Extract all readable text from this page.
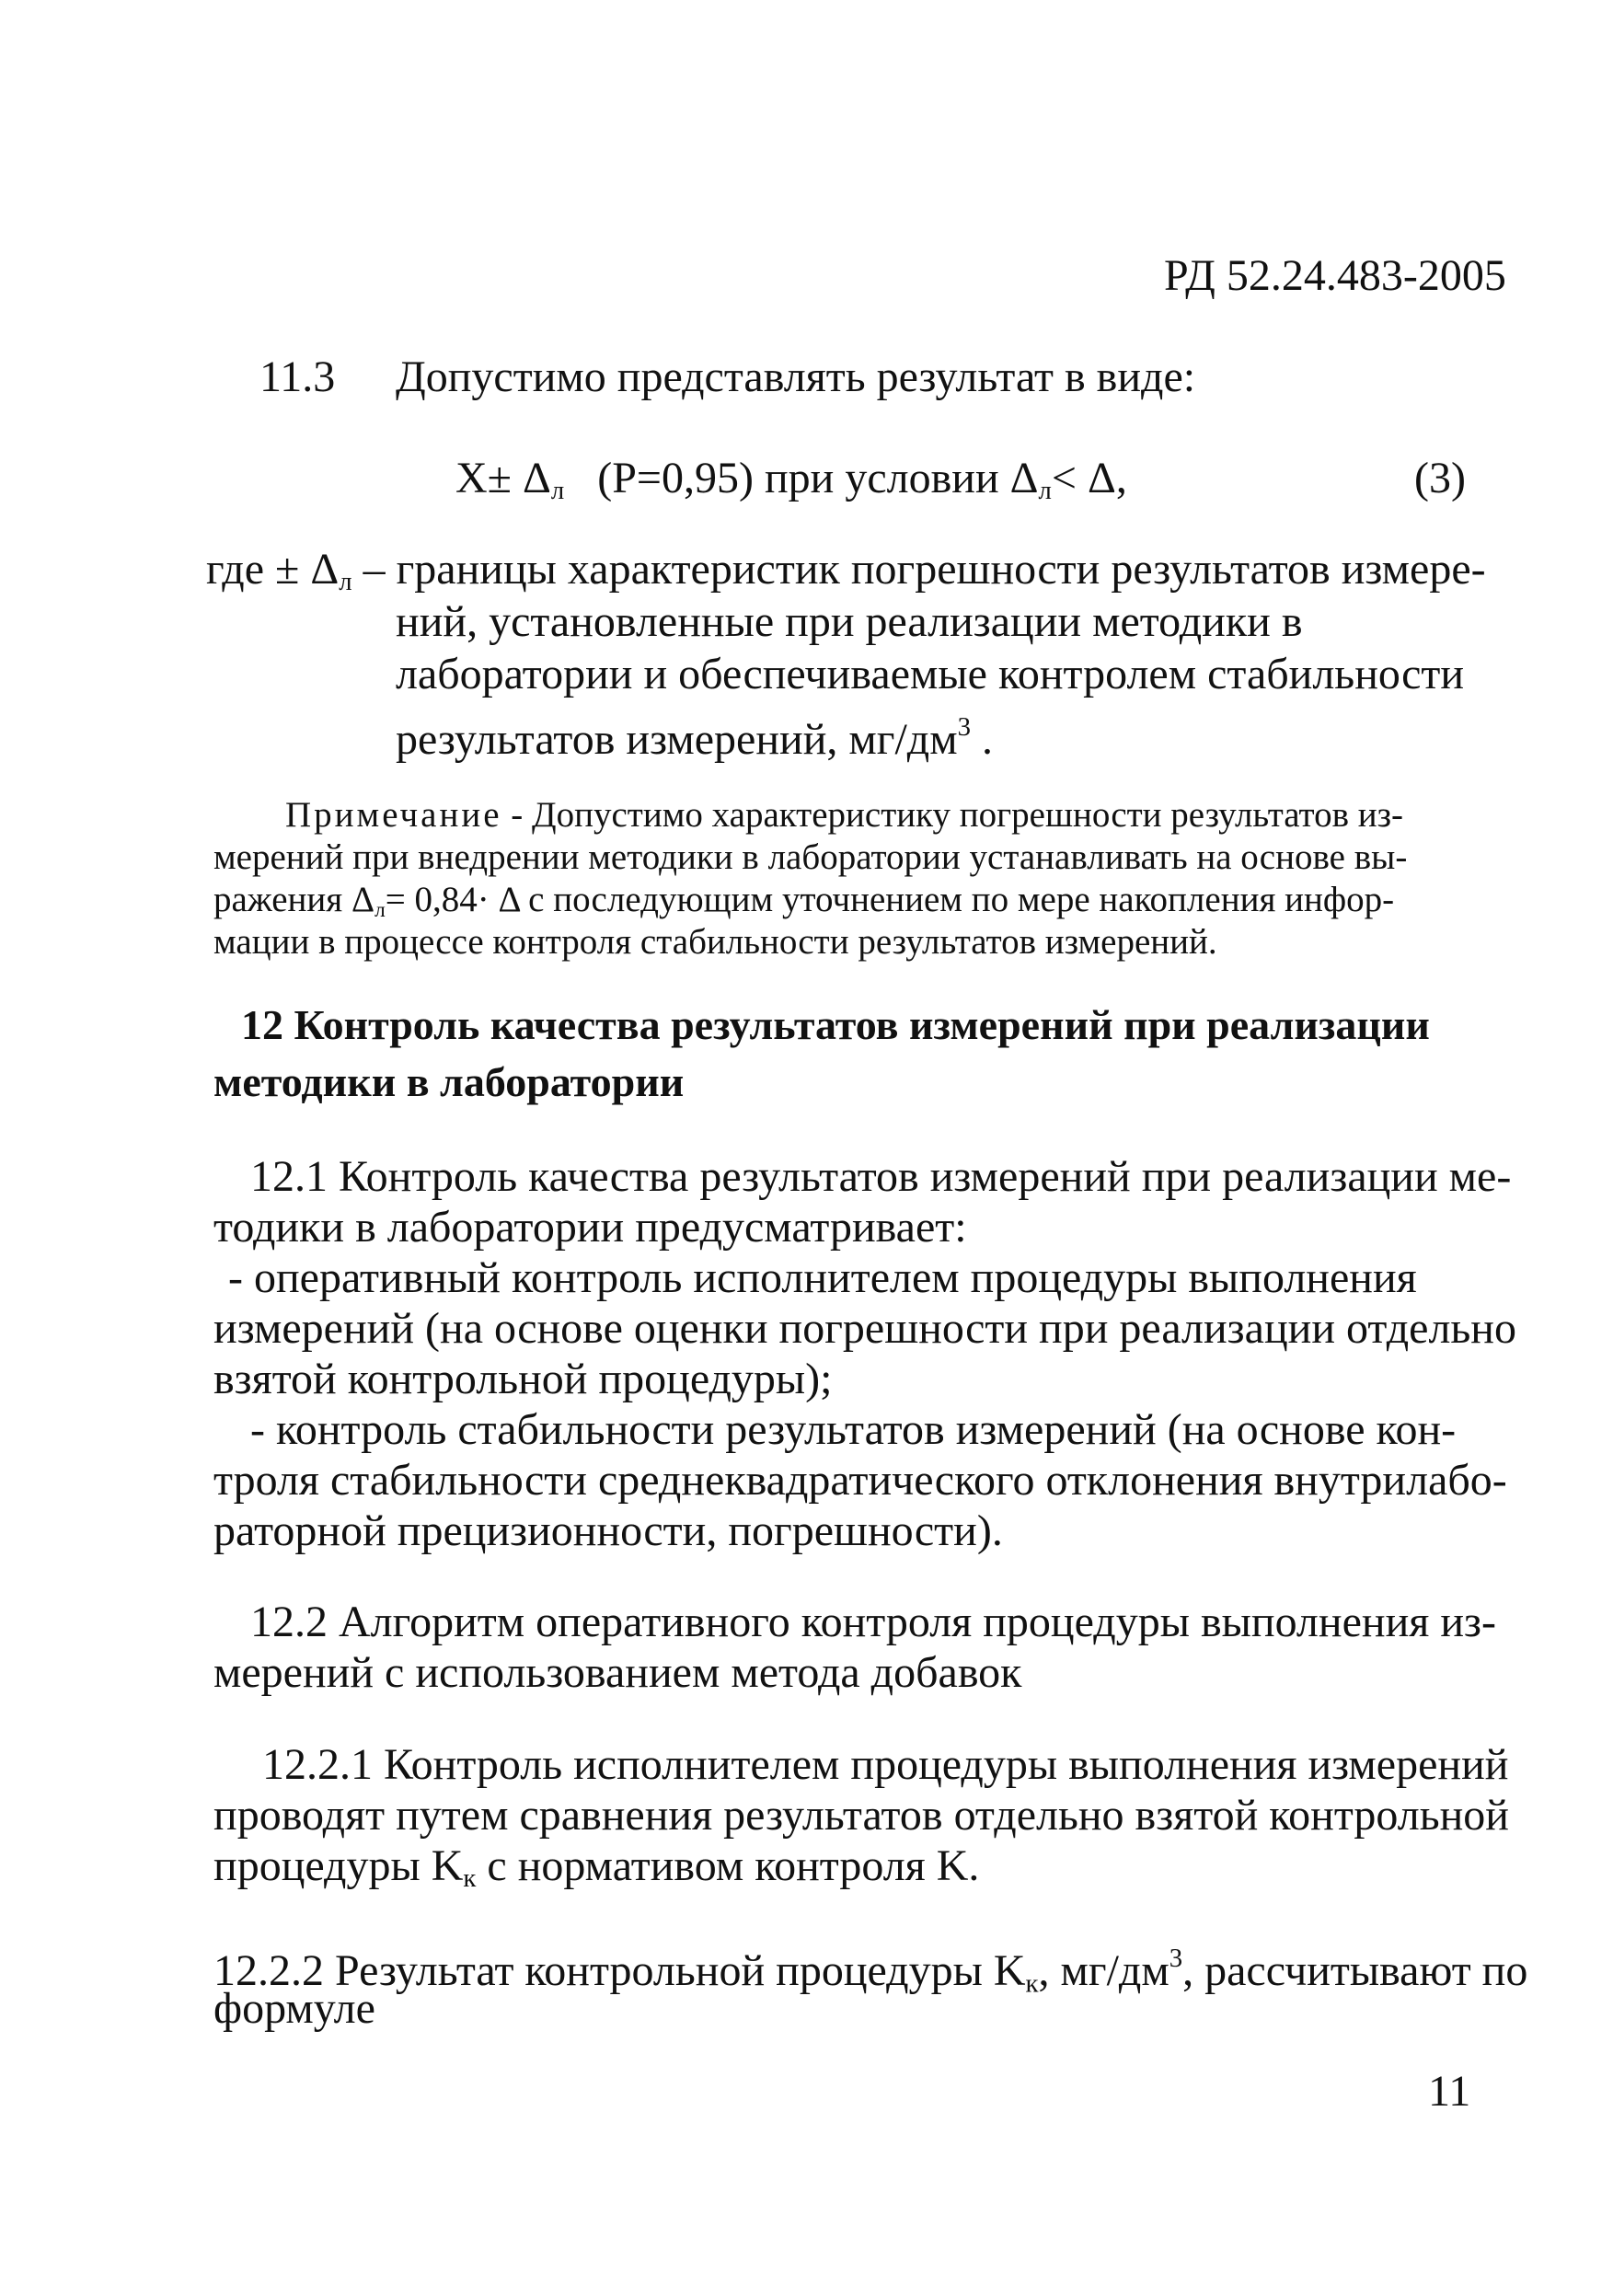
РД 52.24.483-2005
11.3 Допустимо представлять результат в виде:
$X\pm \Delta_л$ (P=0,95) при условии $\Delta_л< \Delta$,	(3)
где ± $\Delta_л$ – границы характеристик погрешности результатов измере-
ний, установленные при реализации методики в
лаборатории и обеспечиваемые контролем стабильности
результатов измерений, $мг/дм^3$ .
Примечание - Допустимо характеристику погрешности результатов из-
мерений при внедрении методики в лаборатории устанавливать на основе вы-
ражения $\Delta_л= 0,84\cdot \Delta$ с последующим уточнением по мере накопления инфор-
мации в процессе контроля стабильности результатов измерений.
12 Контроль качества результатов измерений при реализации
методики в лаборатории
12.1 Контроль качества результатов измерений при реализации ме-
тодики в лаборатории предусматривает:
- оперативный контроль исполнителем процедуры выполнения
измерений (на основе оценки погрешности при реализации отдельно
взятой контрольной процедуры);
- контроль стабильности результатов измерений (на основе кон-
троля стабильности среднеквадратического отклонения внутрилабо-
раторной прецизионности, погрешности).
12.2 Алгоритм оперативного контроля процедуры выполнения из-
мерений с использованием метода добавок
12.2.1 Контроль исполнителем процедуры выполнения измерений
проводят путем сравнения результатов отдельно взятой контрольной
процедуры $K_к$ с нормативом контроля K.
12.2.2 Результат контрольной процедуры $K_к$, $мг/дм^3$, рассчитывают по
формуле
11
